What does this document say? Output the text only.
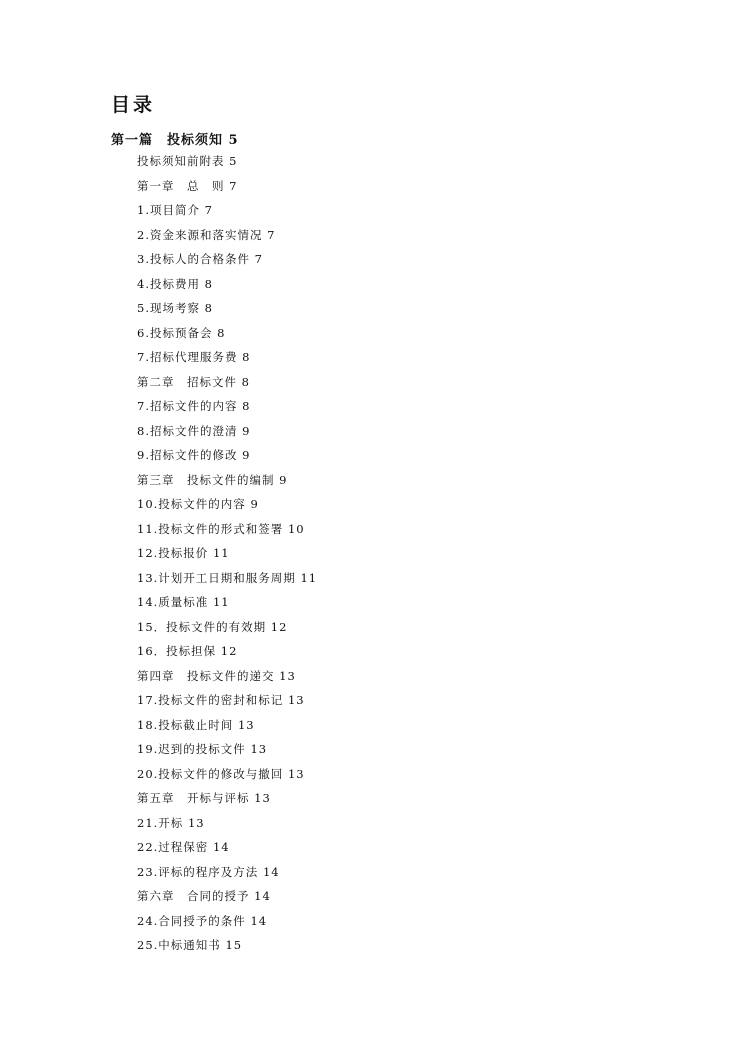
目录
第一篇　投标须知 5
投标须知前附表 5
第一章　总　则 7
1.项目简介 7
2.资金来源和落实情况 7
3.投标人的合格条件 7
4.投标费用 8
5.现场考察 8
6.投标预备会 8
7.招标代理服务费 8
第二章　招标文件 8
7.招标文件的内容 8
8.招标文件的澄清 9
9.招标文件的修改 9
第三章　投标文件的编制 9
10.投标文件的内容 9
11.投标文件的形式和签署 10
12.投标报价 11
13.计划开工日期和服务周期 11
14.质量标准 11
15．投标文件的有效期 12
16．投标担保 12
第四章　投标文件的递交 13
17.投标文件的密封和标记 13
18.投标截止时间 13
19.迟到的投标文件 13
20.投标文件的修改与撤回 13
第五章　开标与评标 13
21.开标 13
22.过程保密 14
23.评标的程序及方法 14
第六章　合同的授予 14
24.合同授予的条件 14
25.中标通知书 15
